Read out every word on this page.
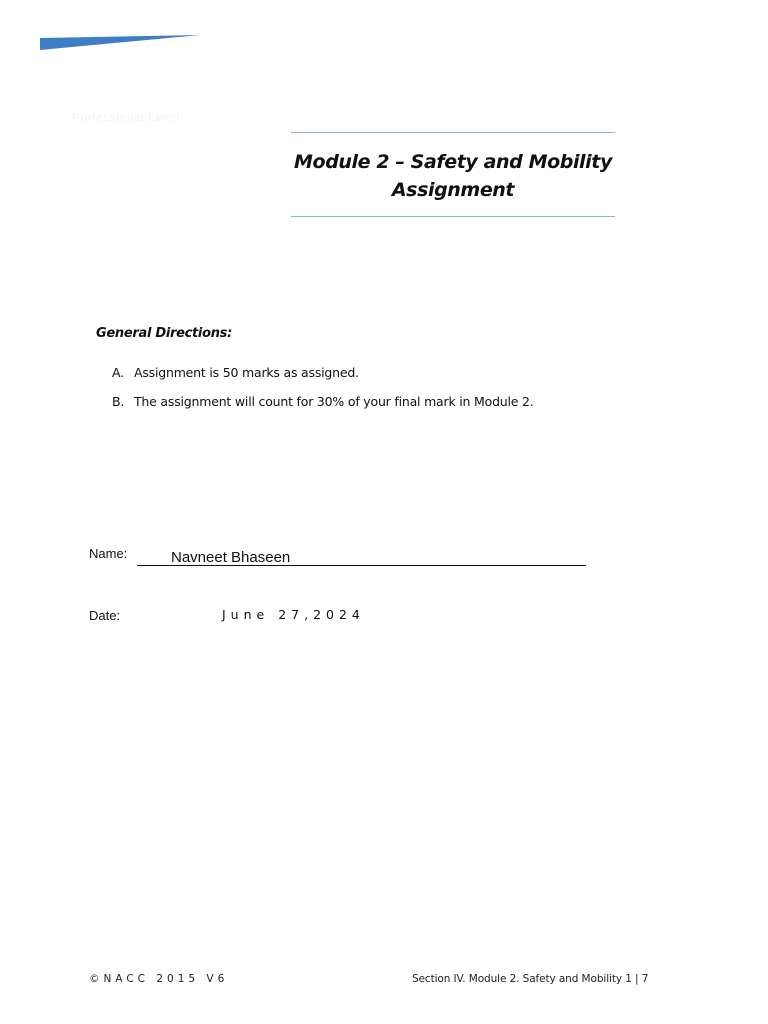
Professional Level
Module 2 – Safety and Mobility
Assignment
General Directions:
A. Assignment is 50 marks as assigned.
B. The assignment will count for 30% of your final mark in Module 2.
Name:	Navneet Bhaseen
Date:	June 27,2024
©NACC 2015 V6	Section IV. Module 2. Safety and Mobility 1 | 7
